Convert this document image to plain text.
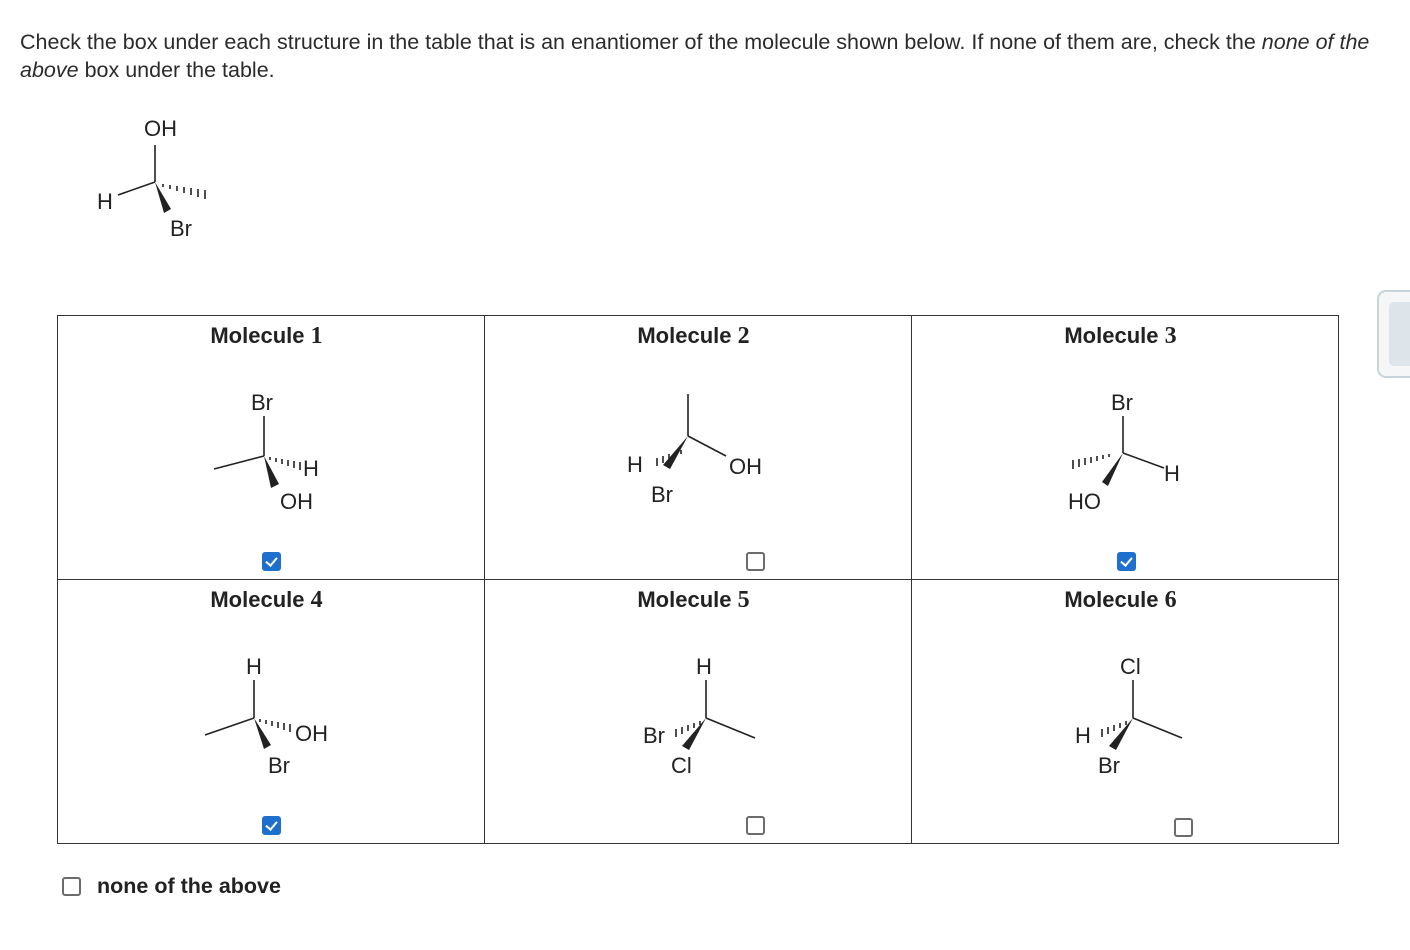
Check the box under each structure in the table that is an enantiomer of the molecule shown below. If none of them are, check the none of the above box under the table.
OH
H
Br
Molecule 1
Br
H
OH
Molecule 2
H
Br
OH
Molecule 3
Br
HO
H
Molecule 4
H
OH
Br
Molecule 5
H
Br
Cl
Molecule 6
Cl
H
Br
none of the above
